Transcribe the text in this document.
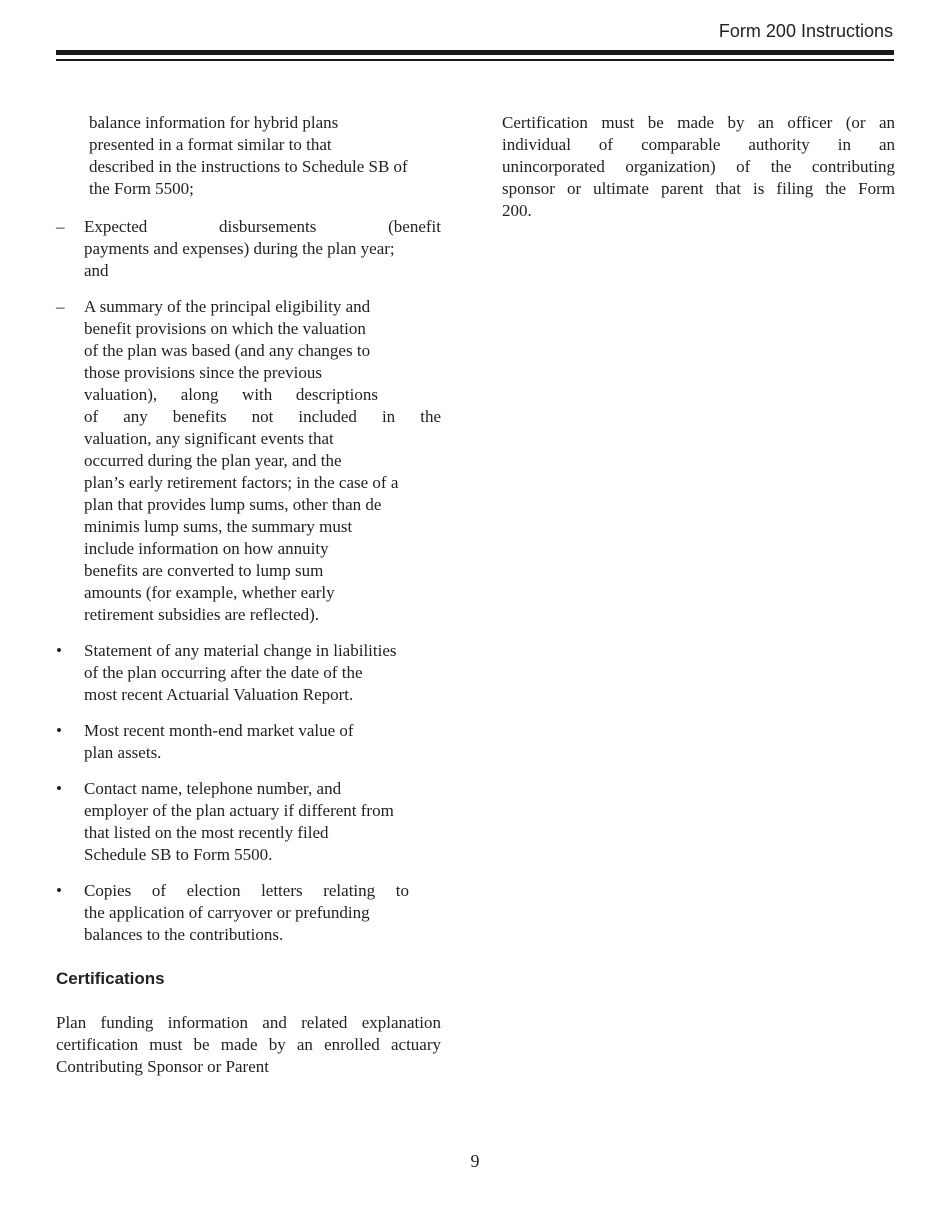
Form 200 Instructions
balance information for hybrid plans
presented in a format similar to that
described in the instructions to Schedule SB of
the Form 5500;
– Expected disbursements (benefit
payments and expenses) during the plan year;
and
– A summary of the principal eligibility and
benefit provisions on which the valuation
of the plan was based (and any changes to
those provisions since the previous
valuation), along with descriptions
of any benefits not included in the
valuation, any significant events that
occurred during the plan year, and the
plan’s early retirement factors; in the case of a
plan that provides lump sums, other than de
minimis lump sums, the summary must
include information on how annuity
benefits are converted to lump sum
amounts (for example, whether early
retirement subsidies are reflected).
• Statement of any material change in liabilities
of the plan occurring after the date of the
most recent Actuarial Valuation Report.
• Most recent month-end market value of
plan assets.
• Contact name, telephone number, and
employer of the plan actuary if different from
that listed on the most recently filed
Schedule SB to Form 5500.
• Copies of election letters relating to
the application of carryover or prefunding
balances to the contributions.
Certifications
Plan funding information and related explanation
certification must be made by an enrolled actuary
Contributing Sponsor or Parent
Certification must be made by an officer (or an
individual of comparable authority in an
unincorporated organization) of the contributing
sponsor or ultimate parent that is filing the Form
200.
9
